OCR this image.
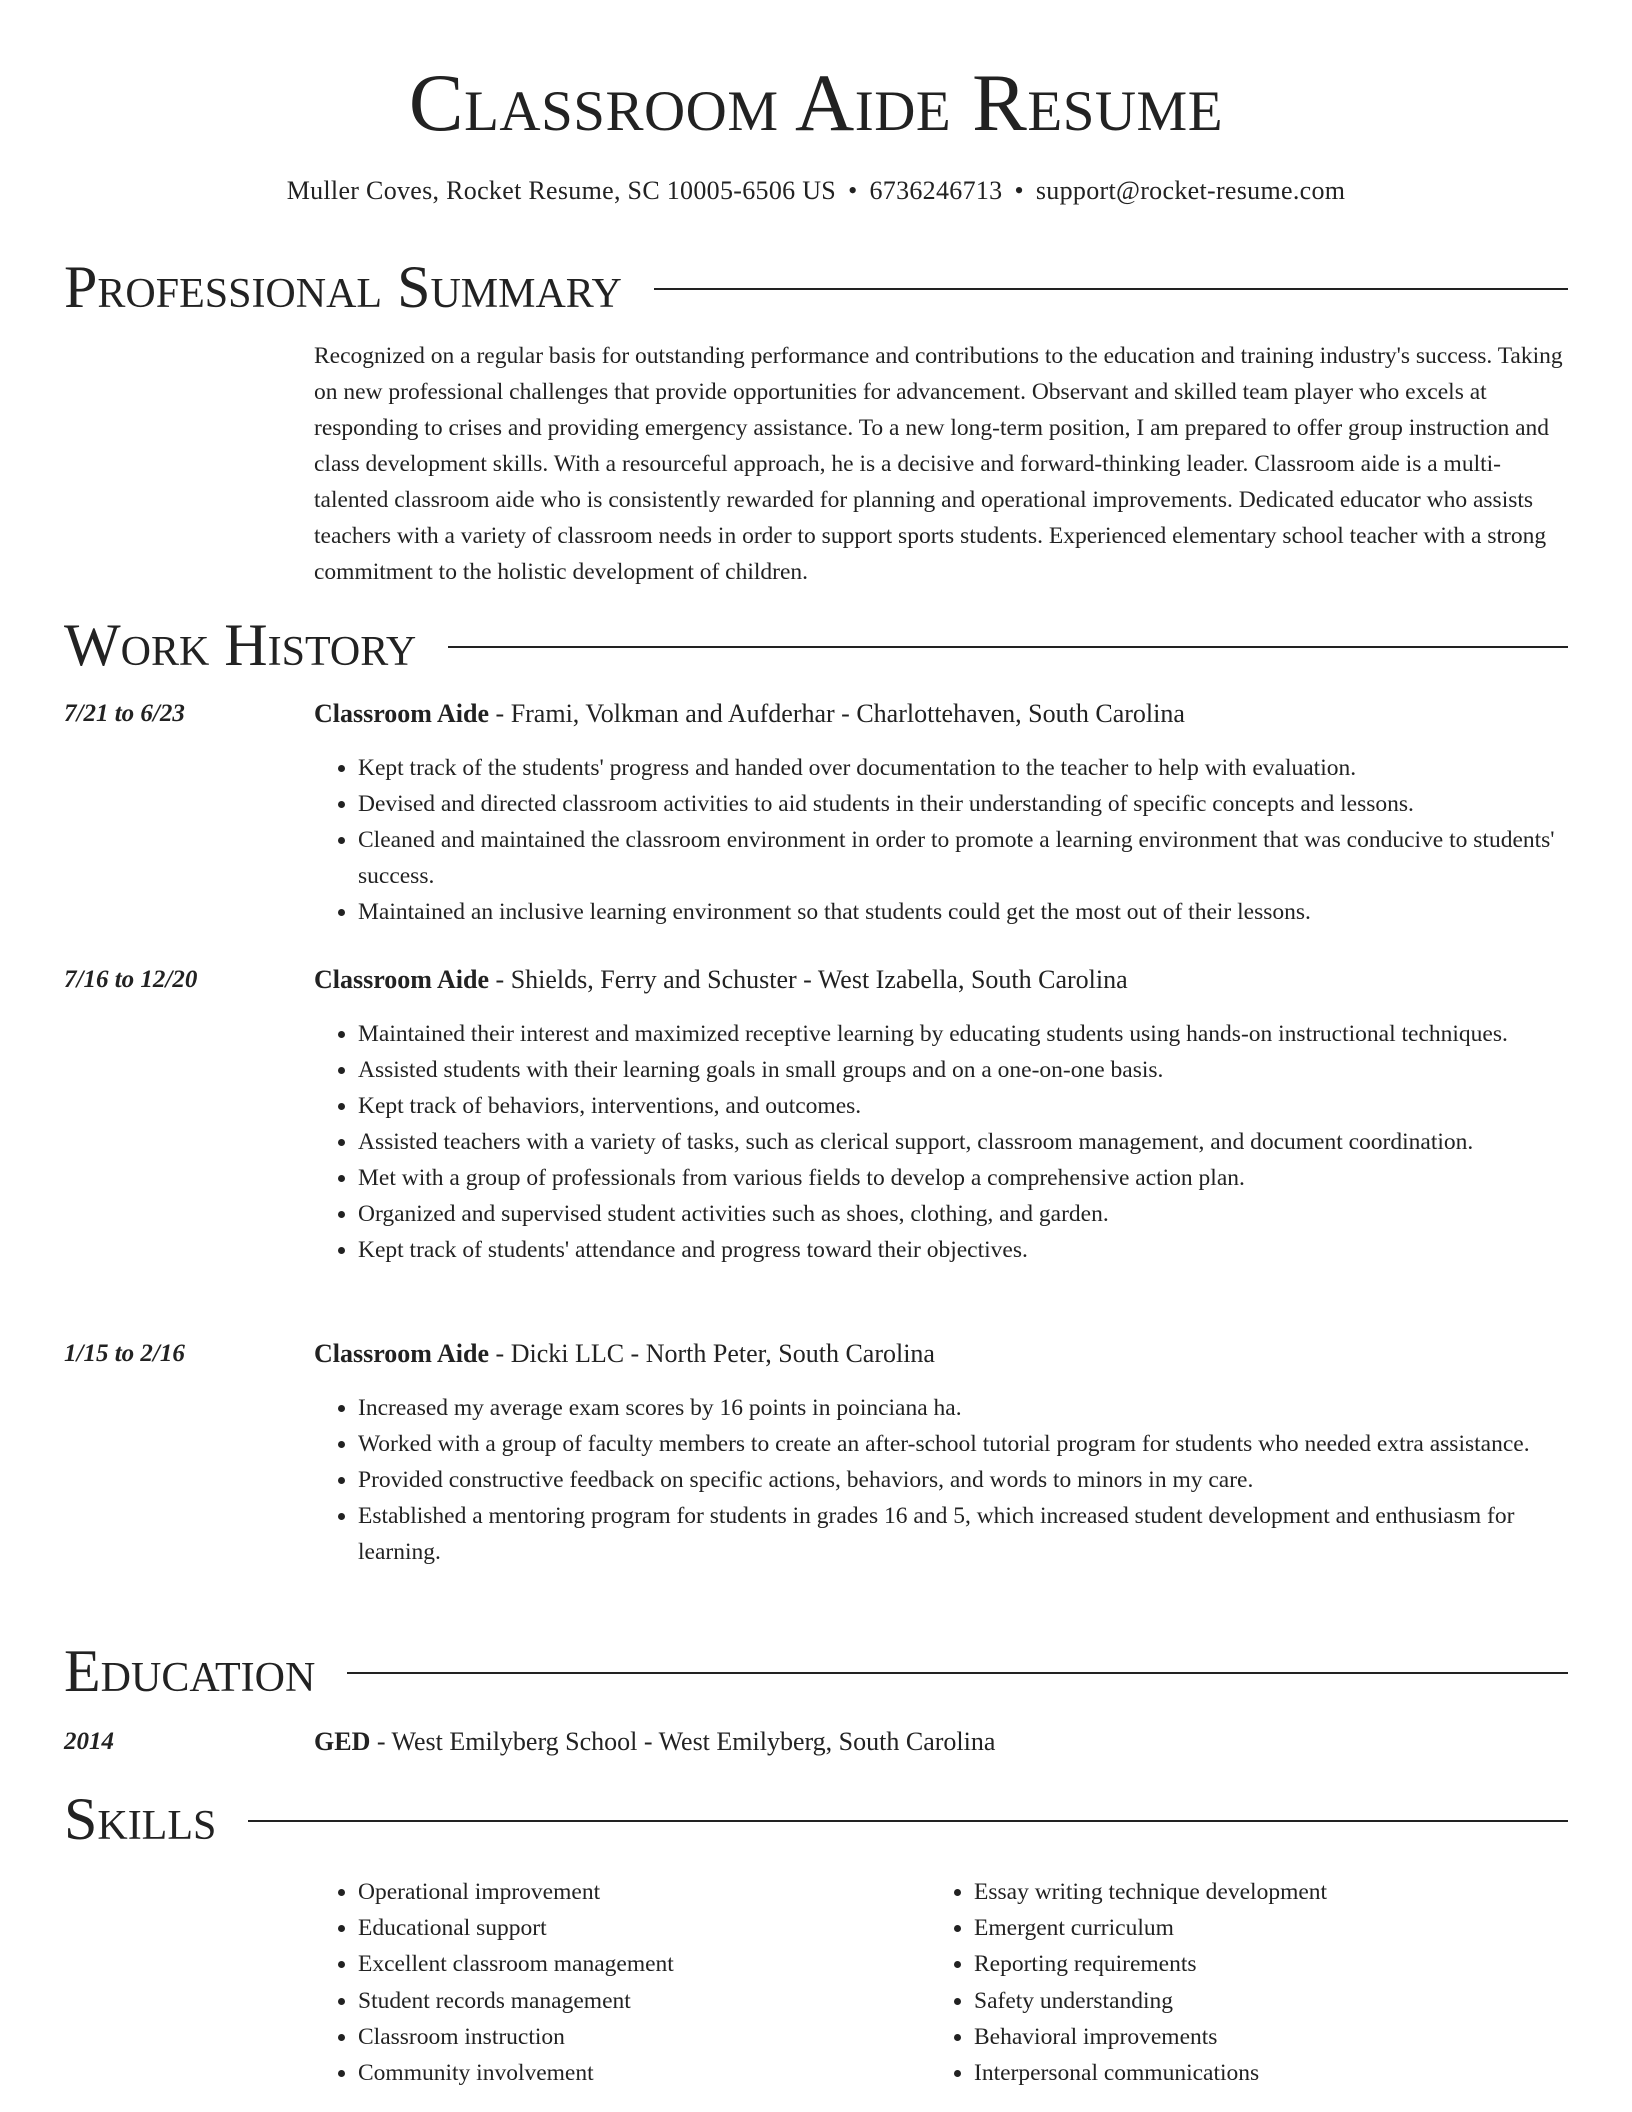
Classroom Aide Resume
Muller Coves, Rocket Resume, SC 10005-6506 US • 6736246713 • support@rocket-resume.com
Professional Summary

Recognized on a regular basis for outstanding performance and contributions to the education and training industry's success. Taking on new professional challenges that provide opportunities for advancement. Observant and skilled team player who excels at responding to crises and providing emergency assistance. To a new long-term position, I am prepared to offer group instruction and class development skills. With a resourceful approach, he is a decisive and forward-thinking leader. Classroom aide is a multi-talented classroom aide who is consistently rewarded for planning and operational improvements. Dedicated educator who assists teachers with a variety of classroom needs in order to support sports students. Experienced elementary school teacher with a strong commitment to the holistic development of children.

Work History
7/21 to 6/23	Classroom Aide - Frami, Volkman and Aufderhar - Charlottehaven, South Carolina
• Kept track of the students' progress and handed over documentation to the teacher to help with evaluation.
• Devised and directed classroom activities to aid students in their understanding of specific concepts and lessons.
• Cleaned and maintained the classroom environment in order to promote a learning environment that was conducive to students' success.
• Maintained an inclusive learning environment so that students could get the most out of their lessons.
7/16 to 12/20	Classroom Aide - Shields, Ferry and Schuster - West Izabella, South Carolina
• Maintained their interest and maximized receptive learning by educating students using hands-on instructional techniques.
• Assisted students with their learning goals in small groups and on a one-on-one basis.
• Kept track of behaviors, interventions, and outcomes.
• Assisted teachers with a variety of tasks, such as clerical support, classroom management, and document coordination.
• Met with a group of professionals from various fields to develop a comprehensive action plan.
• Organized and supervised student activities such as shoes, clothing, and garden.
• Kept track of students' attendance and progress toward their objectives.
1/15 to 2/16	Classroom Aide - Dicki LLC - North Peter, South Carolina
• Increased my average exam scores by 16 points in poinciana ha.
• Worked with a group of faculty members to create an after-school tutorial program for students who needed extra assistance.
• Provided constructive feedback on specific actions, behaviors, and words to minors in my care.
• Established a mentoring program for students in grades 16 and 5, which increased student development and enthusiasm for learning.
Education
2014	GED - West Emilyberg School - West Emilyberg, South Carolina
Skills
• Operational improvement
• Educational support
• Excellent classroom management
• Student records management
• Classroom instruction
• Community involvement
• Essay writing technique development
• Emergent curriculum
• Reporting requirements
• Safety understanding
• Behavioral improvements
• Interpersonal communications
